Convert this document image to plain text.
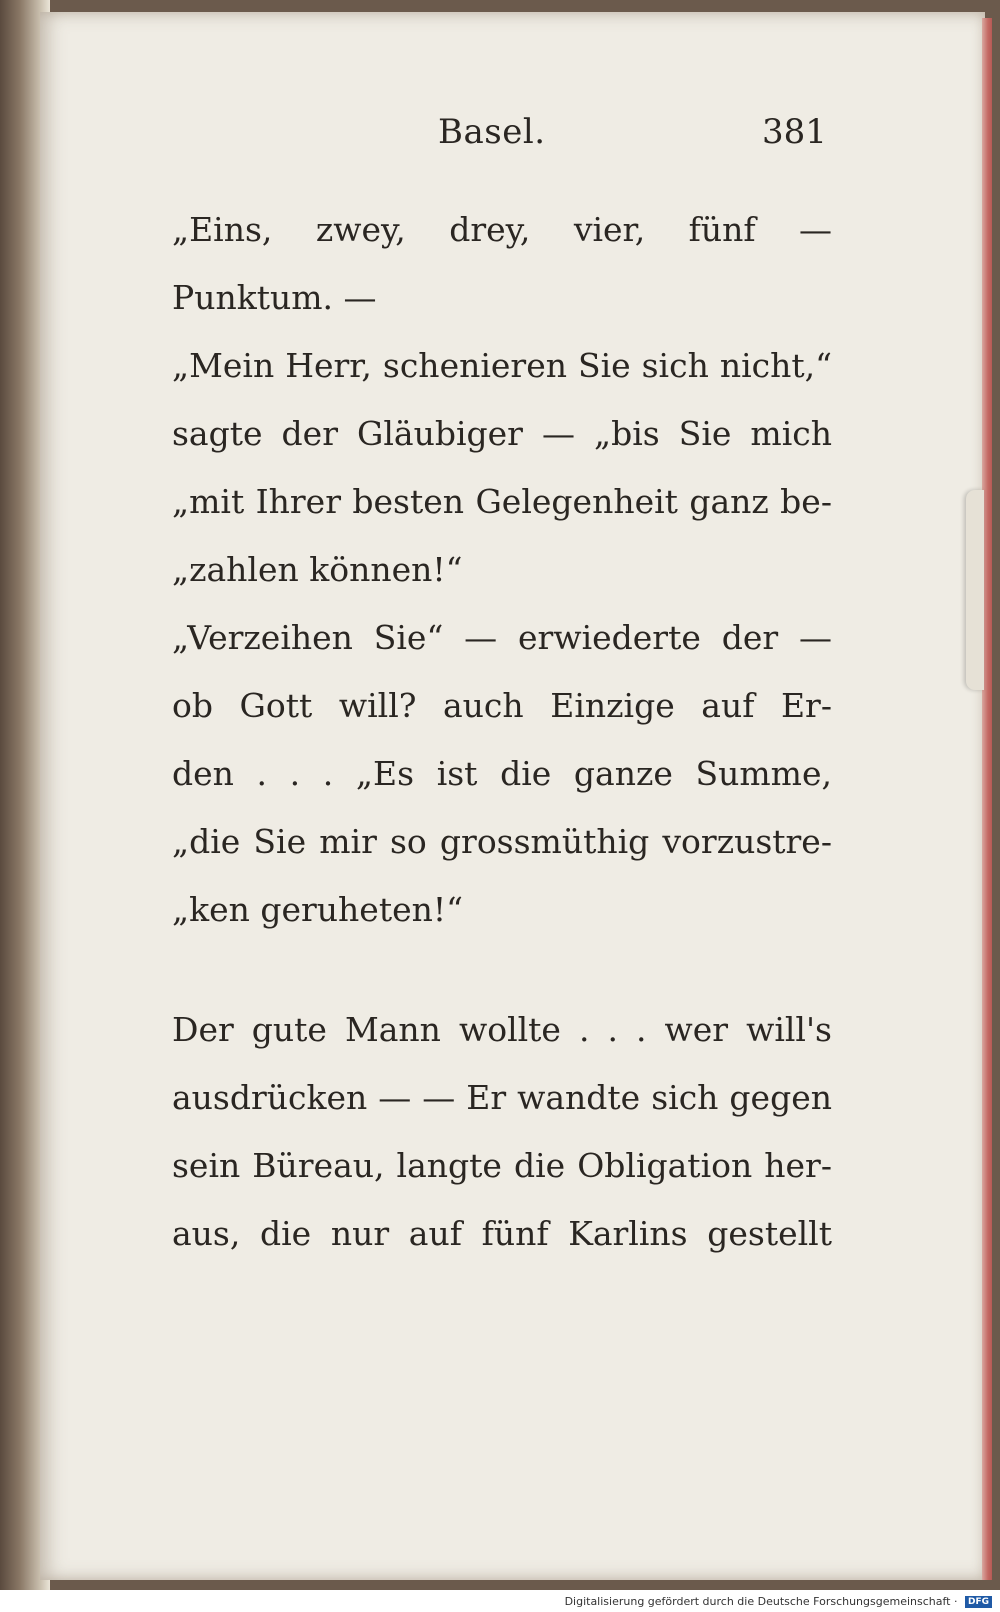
Basel.	381
„Eins, zwey, drey, vier, fünf —
Punktum. —
„Mein Herr, schenieren Sie sich nicht,“
sagte der Gläubiger — „bis Sie mich
„mit Ihrer besten Gelegenheit ganz be-
„zahlen können!“
„Verzeihen Sie“ — erwiederte der —
ob Gott will? auch Einzige auf Er-
den . . . „Es ist die ganze Summe,
„die Sie mir so grossmüthig vorzustre-
„ken geruheten!“
Der gute Mann wollte . . . wer will's
ausdrücken — — Er wandte sich gegen
sein Büreau, langte die Obligation her-
aus, die nur auf fünf Karlins gestellt
Digitalisierung gefördert durch die Deutsche Forschungsgemeinschaft · DFG
